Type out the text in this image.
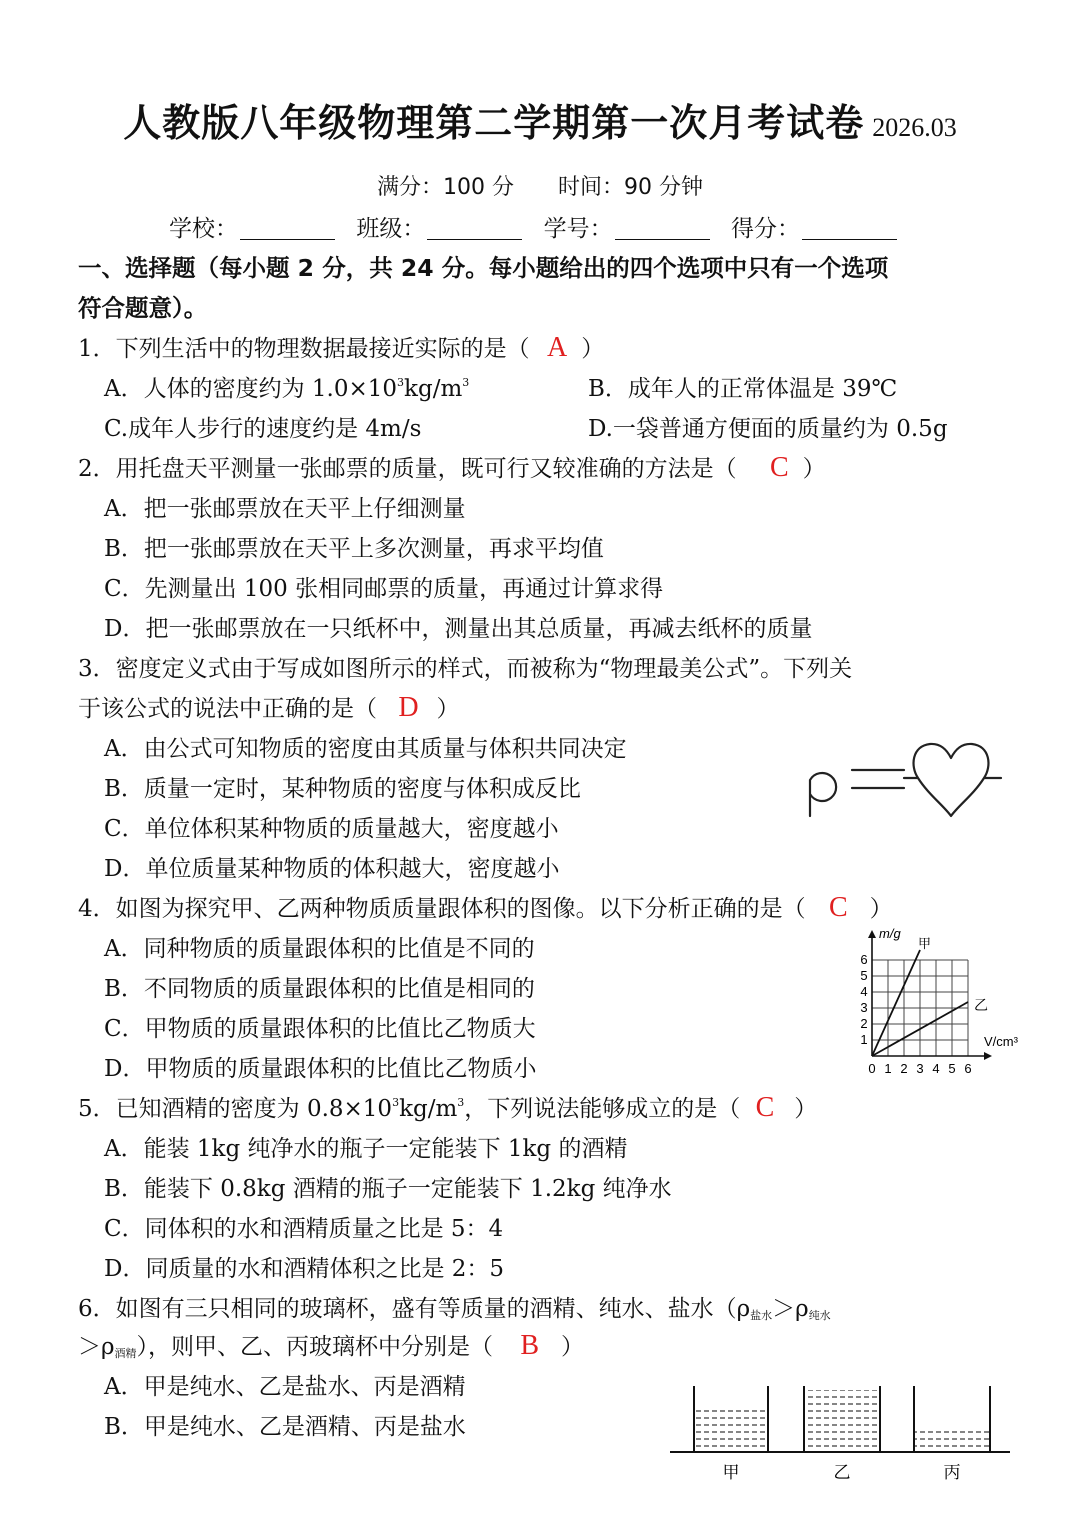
人教版八年级物理第二学期第一次月考试卷 2026.03
满分：100 分 时间：90 分钟
学校：	班级：	学号：	得分：
一、选择题（每小题 2 分，共 24 分。每小题给出的四个选项中只有一个选项
符合题意）。
1．下列生活中的物理数据最接近实际的是（ A ）
A．人体的密度约为 $1.0\times 10^3kg/m^3$	B．成年人的正常体温是 39℃
C.成年人步行的速度约是 4m/s	D.一袋普通方便面的质量约为 0.5g
2．用托盘天平测量一张邮票的质量，既可行又较准确的方法是（ C ）
A．把一张邮票放在天平上仔细测量
B．把一张邮票放在天平上多次测量，再求平均值
C．先测量出 100 张相同邮票的质量，再通过计算求得
D．把一张邮票放在一只纸杯中，测量出其总质量，再减去纸杯的质量
3．密度定义式由于写成如图所示的样式，而被称为“物理最美公式”。下列关
于该公式的说法中正确的是（ D ）
A．由公式可知物质的密度由其质量与体积共同决定
B．质量一定时，某种物质的密度与体积成反比
C．单位体积某种物质的质量越大，密度越小
D．单位质量某种物质的体积越大，密度越小
4．如图为探究甲、乙两种物质质量跟体积的图像。以下分析正确的是（ C ）
A．同种物质的质量跟体积的比值是不同的
B．不同物质的质量跟体积的比值是相同的
C．甲物质的质量跟体积的比值比乙物质大
D．甲物质的质量跟体积的比值比乙物质小
m/g
甲
乙
V/cm³
1
2
3
4
5
6
0 1 2 3 4 5 6
5．已知酒精的密度为 $0.8\times 10^3kg/m^3$，下列说法能够成立的是（ C ）
A．能装 1kg 纯净水的瓶子一定能装下 1kg 的酒精
B．能装下 0.8kg 酒精的瓶子一定能装下 1.2kg 纯净水
C．同体积的水和酒精质量之比是 5：4
D．同质量的水和酒精体积之比是 2：5
6．如图有三只相同的玻璃杯，盛有等质量的酒精、纯水、盐水（ρ盐水＞ρ纯水
＞ρ酒精），则甲、乙、丙玻璃杯中分别是（ B ）
A．甲是纯水、乙是盐水、丙是酒精
B．甲是纯水、乙是酒精、丙是盐水
甲	乙	丙
